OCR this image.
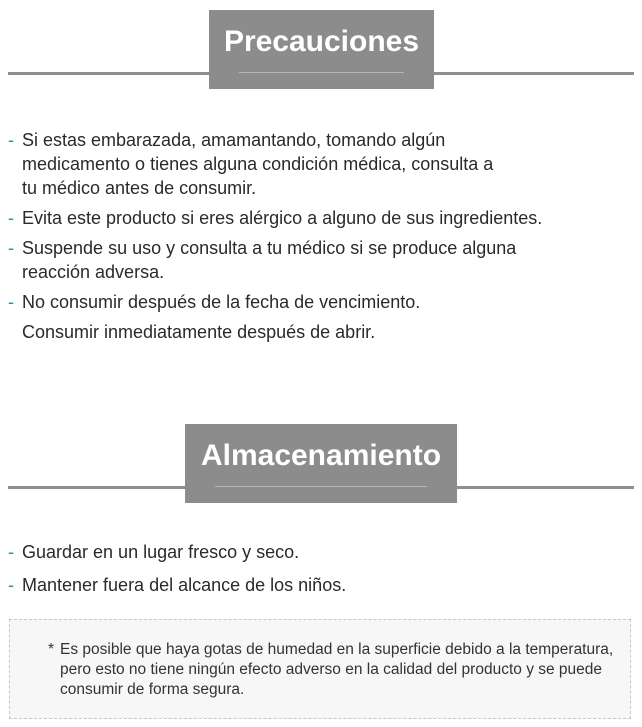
Precauciones
- Si estas embarazada, amamantando, tomando algún medicamento o tienes alguna condición médica, consulta a tu médico antes de consumir.
- Evita este producto si eres alérgico a alguno de sus ingredientes.
- Suspende su uso y consulta a tu médico si se produce alguna reacción adversa.
- No consumir después de la fecha de vencimiento.
Consumir inmediatamente después de abrir.
Almacenamiento
- Guardar en un lugar fresco y seco.
- Mantener fuera del alcance de los niños.
* Es posible que haya gotas de humedad en la superficie debido a la temperatura, pero esto no tiene ningún efecto adverso en la calidad del producto y se puede consumir de forma segura.
